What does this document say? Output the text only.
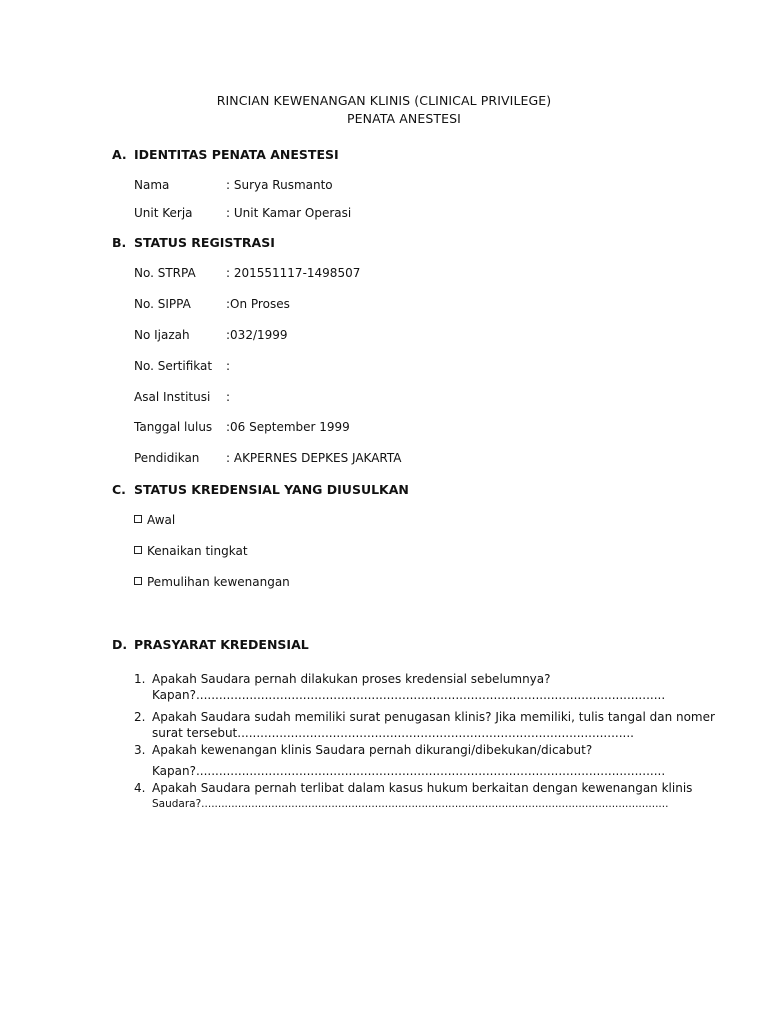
RINCIAN KEWENANGAN KLINIS (CLINICAL PRIVILEGE)
PENATA ANESTESI
A. IDENTITAS PENATA ANESTESI
Nama	: Surya Rusmanto
Unit Kerja	: Unit Kamar Operasi
B. STATUS REGISTRASI
No. STRPA	: 201551117-1498507
No. SIPPA	:On Proses
No Ijazah	:032/1999
No. Sertifikat :
Asal Institusi :
Tanggal lulus :06 September 1999
Pendidikan : AKPERNES DEPKES JAKARTA
C. STATUS KREDENSIAL YANG DIUSULKAN
Awal
Kenaikan tingkat
Pemulihan kewenangan
D. PRASYARAT KREDENSIAL
1. Apakah Saudara pernah dilakukan proses kredensial sebelumnya?
Kapan?...........................................................................................................................
2. Apakah Saudara sudah memiliki surat penugasan klinis? Jika memiliki, tulis tangal dan nomer
surat tersebut........................................................................................................
3. Apakah kewenangan klinis Saudara pernah dikurangi/dibekukan/dicabut?
Kapan?...........................................................................................................................
4. Apakah Saudara pernah terlibat dalam kasus hukum berkaitan dengan kewenangan klinis
Saudara?............................................................................................................................................
